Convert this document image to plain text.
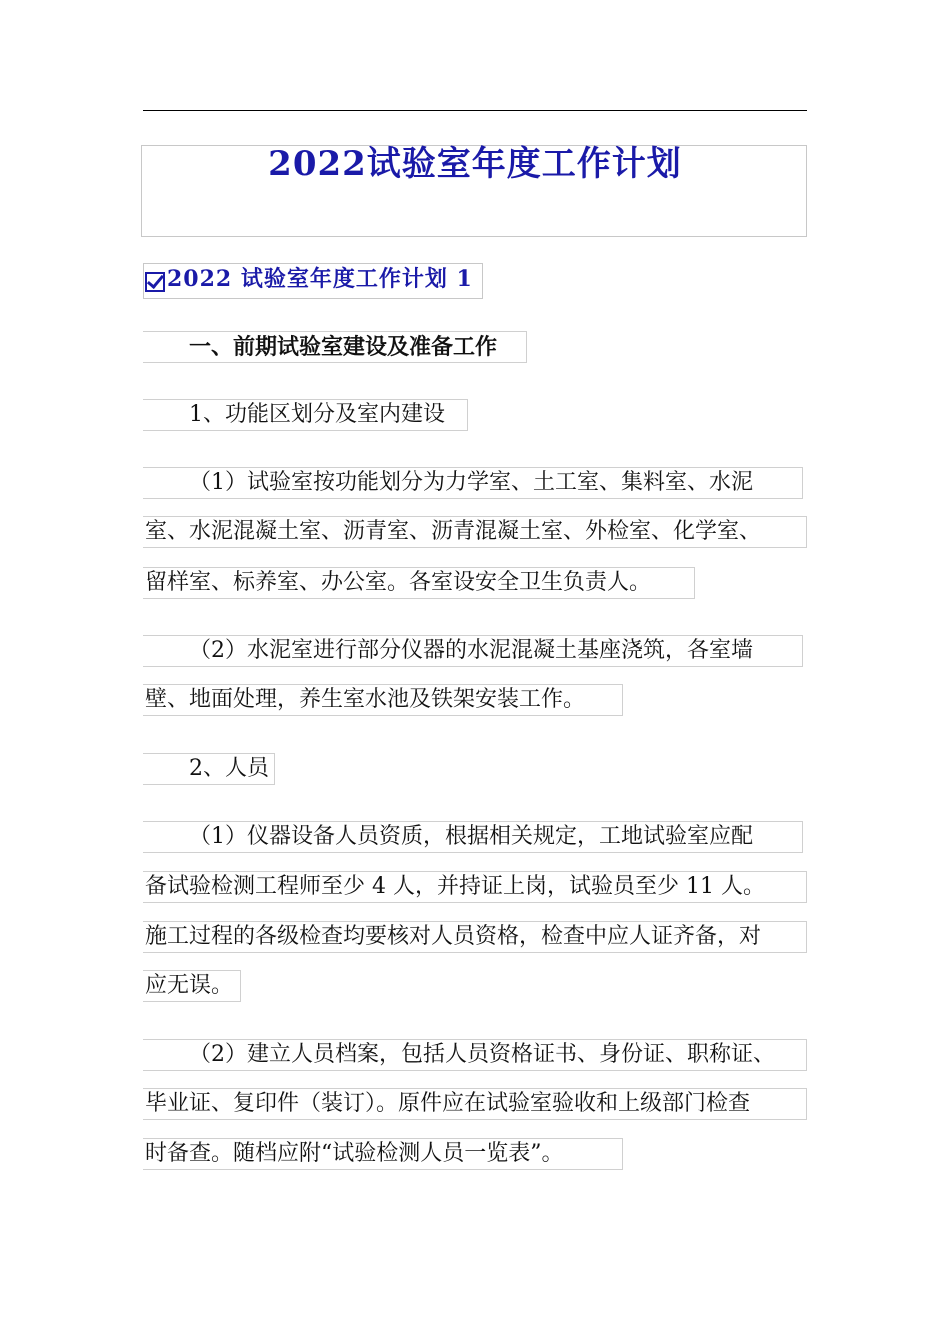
2022试验室年度工作计划
2022 试验室年度工作计划 1
一、前期试验室建设及准备工作
1、功能区划分及室内建设
（1）试验室按功能划分为力学室、土工室、集料室、水泥
室、水泥混凝土室、沥青室、沥青混凝土室、外检室、化学室、
留样室、标养室、办公室。各室设安全卫生负责人。
（2）水泥室进行部分仪器的水泥混凝土基座浇筑，各室墙
壁、地面处理，养生室水池及铁架安装工作。
2、人员
（1）仪器设备人员资质，根据相关规定，工地试验室应配
备试验检测工程师至少 4 人，并持证上岗，试验员至少 11 人。
施工过程的各级检查均要核对人员资格，检查中应人证齐备，对
应无误。
（2）建立人员档案，包括人员资格证书、身份证、职称证、
毕业证、复印件（装订）。原件应在试验室验收和上级部门检查
时备查。随档应附“试验检测人员一览表”。
